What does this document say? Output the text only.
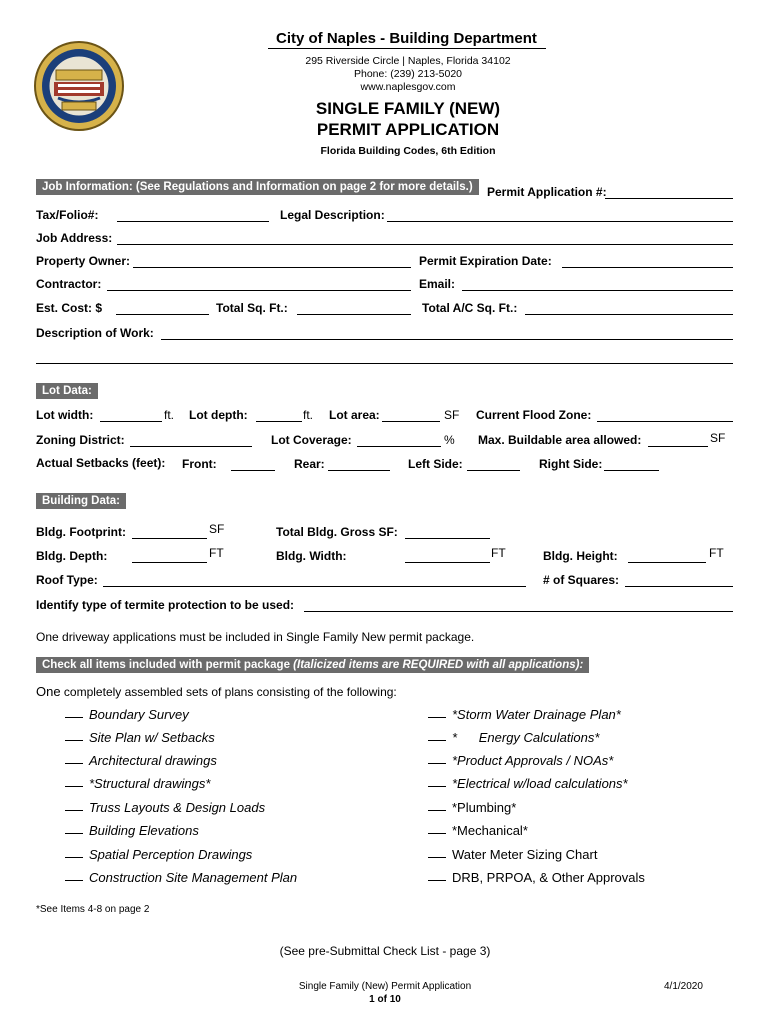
City of Naples - Building Department
295 Riverside Circle | Naples, Florida 34102
Phone: (239) 213-5020
www.naplesgov.com
SINGLE FAMILY (NEW)
PERMIT APPLICATION
Florida Building Codes, 6th Edition
Job Information: (See Regulations and Information on page 2 for more details.)	Permit Application #:
Tax/Folio#:	Legal Description:
Job Address:
Property Owner:	Permit Expiration Date:
Contractor:	Email:
Est. Cost: $	Total Sq. Ft.:	Total A/C Sq. Ft.:
Description of Work:
Lot Data:
Lot width:	ft. Lot depth:	ft. Lot area:	SF Current Flood Zone:
Zoning District:	Lot Coverage:	% Max. Buildable area allowed:	SF
Actual Setbacks (feet): Front:	Rear:	Left Side:	Right Side:
Building Data:
Bldg. Footprint:	SF	Total Bldg. Gross SF:
Bldg. Depth:	FT	Bldg. Width:	FT	Bldg. Height:	FT
Roof Type:	# of Squares:
Identify type of termite protection to be used:
One driveway applications must be included in Single Family New permit package.
Check all items included with permit package (Italicized items are REQUIRED with all applications):
One completely assembled sets of plans consisting of the following:
Boundary Survey
Site Plan w/ Setbacks
Architectural drawings
*Structural drawings*
Truss Layouts & Design Loads
Building Elevations
Spatial Perception Drawings
Construction Site Management Plan
*Storm Water Drainage Plan*
*      Energy Calculations*
*Product Approvals / NOAs*
*Electrical w/load calculations*
*Plumbing*
*Mechanical*
Water Meter Sizing Chart
DRB, PRPOA, & Other Approvals
*See Items 4-8 on page 2
(See pre-Submittal Check List - page 3)
Single Family (New) Permit Application
1 of 10
4/1/2020
